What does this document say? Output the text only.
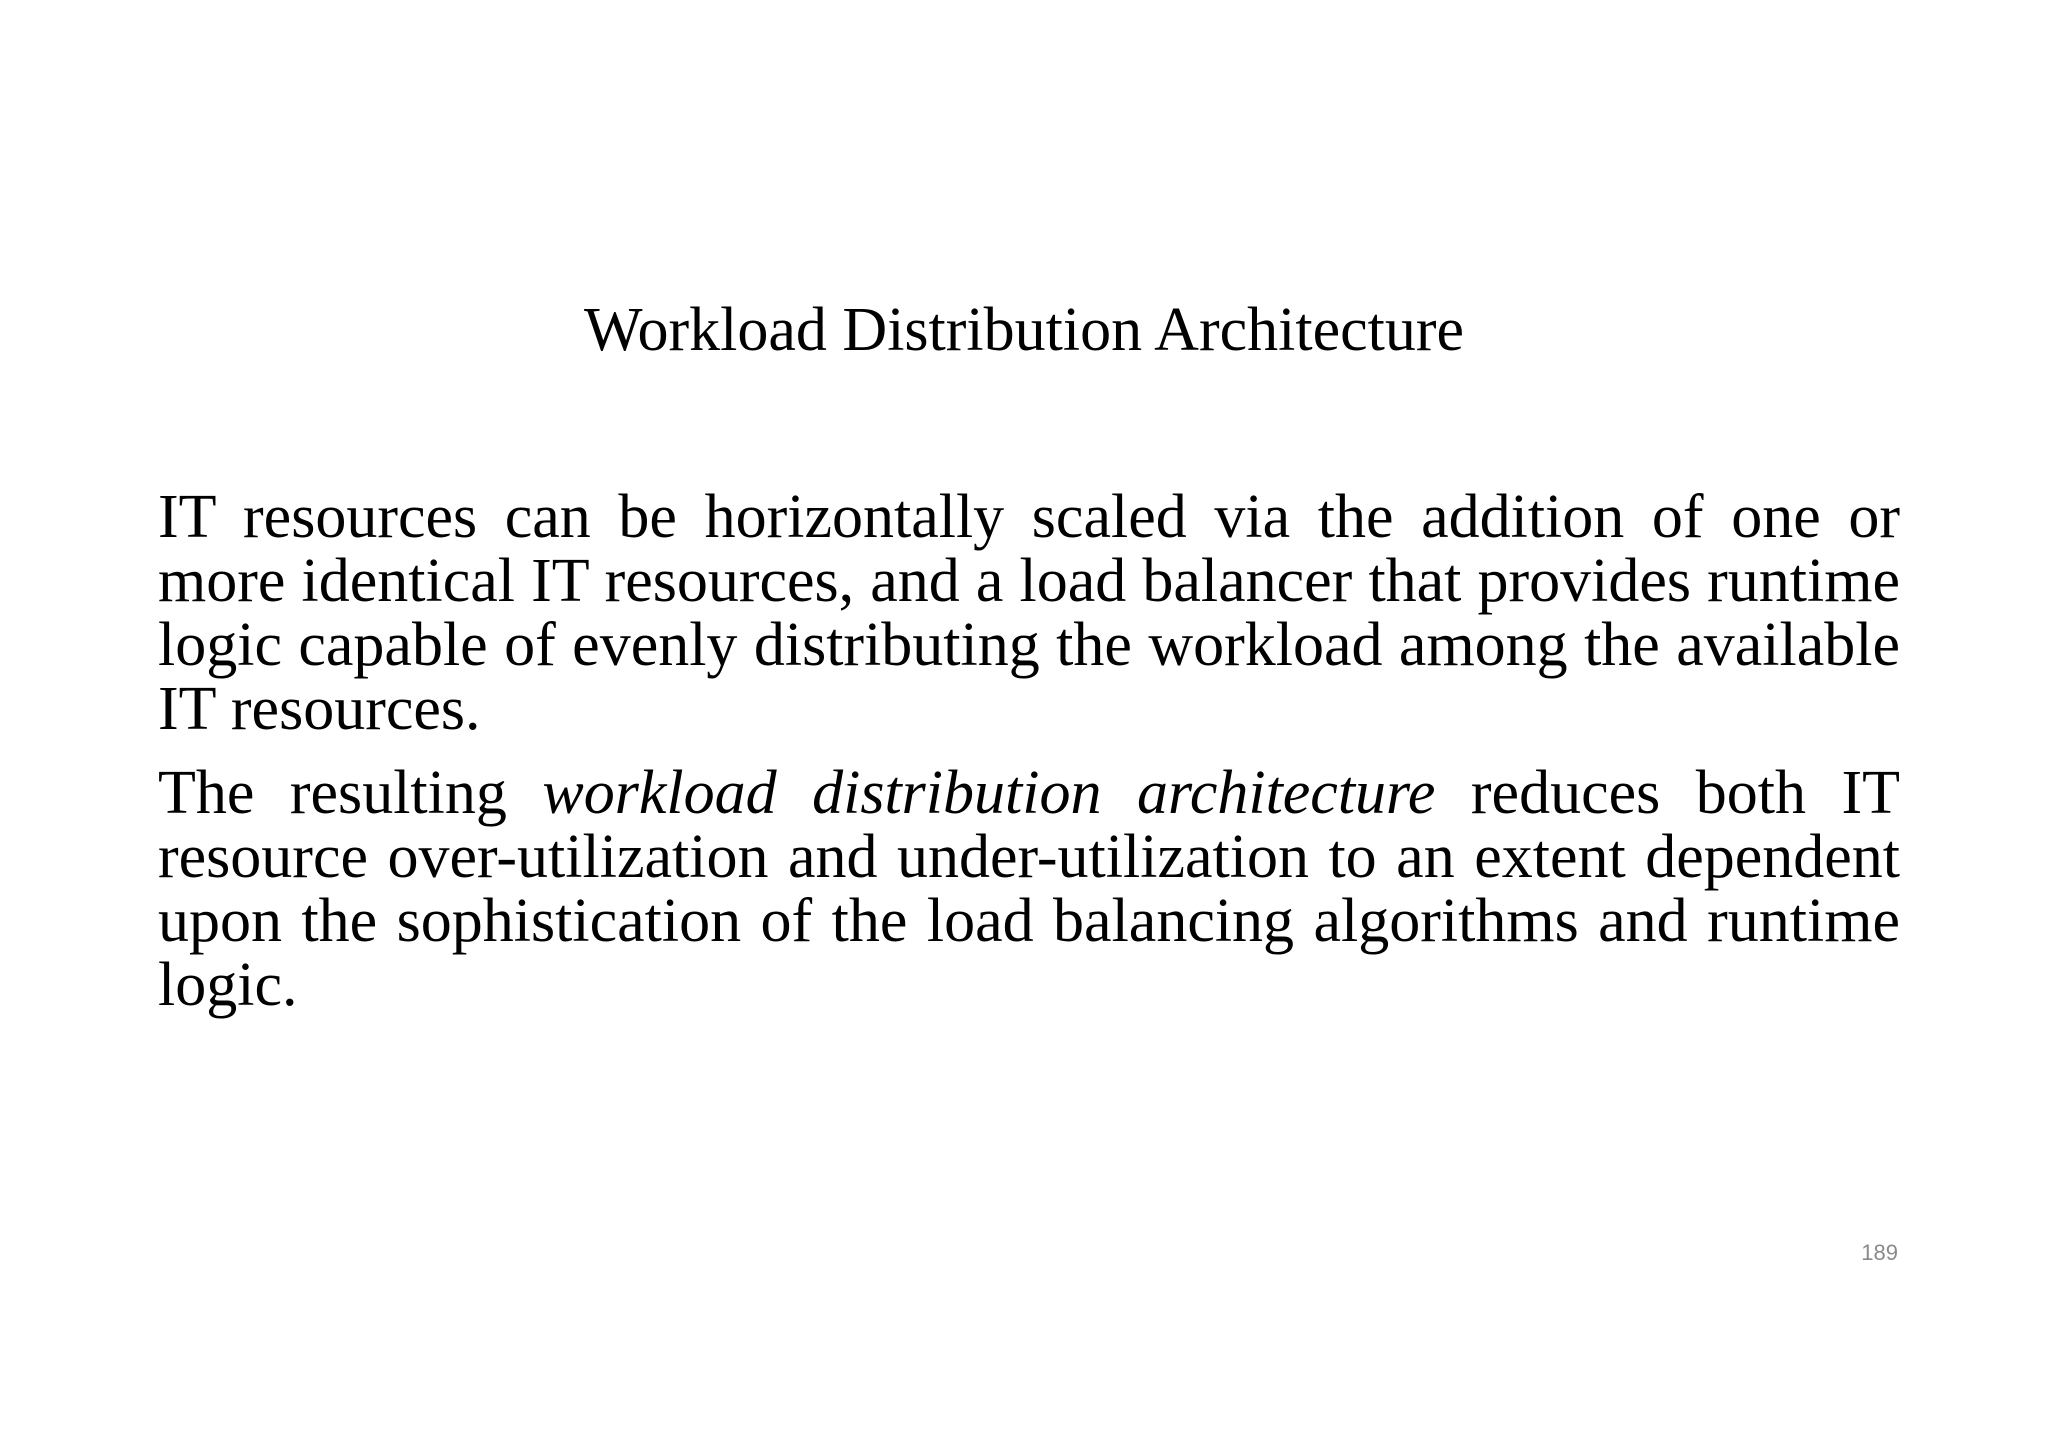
Workload Distribution Architecture

IT resources can be horizontally scaled via the addition of one or more identical IT resources, and a load balancer that provides runtime logic capable of evenly distributing the workload among the available IT resources.

The resulting workload distribution architecture reduces both IT resource over-utilization and under-utilization to an extent dependent upon the sophistication of the load balancing algorithms and runtime logic.

189
